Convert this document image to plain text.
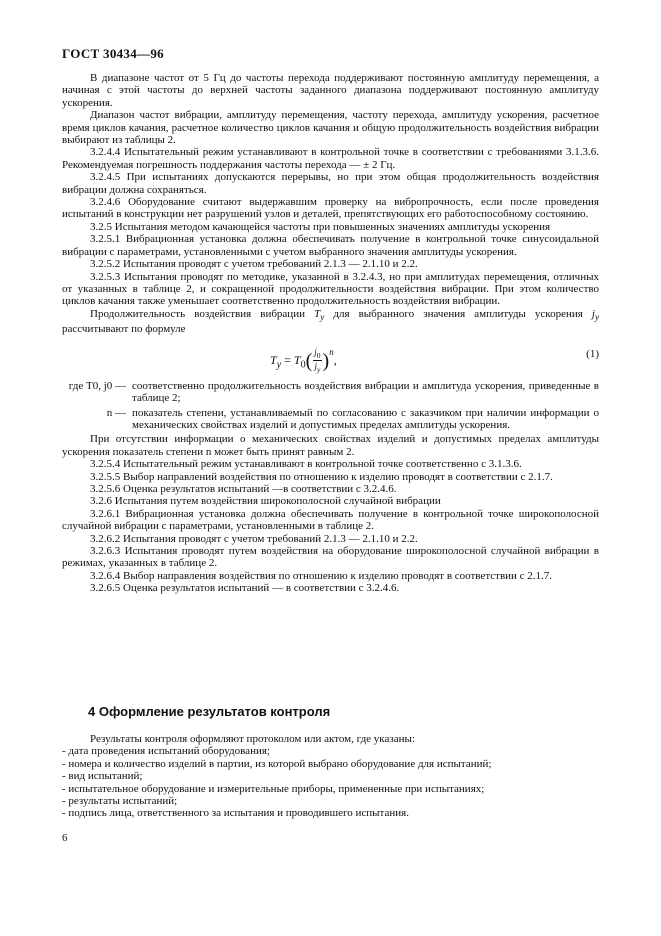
ГОСТ 30434—96

В диапазоне частот от 5 Гц до частоты перехода поддерживают постоянную амплитуду перемещения, а начиная с этой частоты до верхней частоты заданного диапазона поддерживают постоянную амплитуду ускорения.

Диапазон частот вибрации, амплитуду перемещения, частоту перехода, амплитуду ускорения, расчетное время циклов качания, расчетное количество циклов качания и общую продолжительность воздействия вибрации выбирают из таблицы 2.

3.2.4.4 Испытательный режим устанавливают в контрольной точке в соответствии с требованиями 3.1.3.6. Рекомендуемая погрешность поддержания частоты перехода — ± 2 Гц.

3.2.4.5 При испытаниях допускаются перерывы, но при этом общая продолжительность воздействия вибрации должна сохраняться.

3.2.4.6 Оборудование считают выдержавшим проверку на вибропрочность, если после проведения испытаний в конструкции нет разрушений узлов и деталей, препятствующих его работоспособному состоянию.

3.2.5 Испытания методом качающейся частоты при повышенных значениях амплитуды ускорения

3.2.5.1 Вибрационная установка должна обеспечивать получение в контрольной точке синусоидальной вибрации с параметрами, установленными с учетом выбранного значения амплитуды ускорения.

3.2.5.2 Испытания проводят с учетом требований 2.1.3 — 2.1.10 и 2.2.

3.2.5.3 Испытания проводят по методике, указанной в 3.2.4.3, но при амплитудах перемещения, отличных от указанных в таблице 2, и сокращенной продолжительности воздействия вибрации. При этом количество циклов качания также уменьшает соответственно продолжительность воздействия вибрации.

Продолжительность воздействия вибрации $T_y$ для выбранного значения амплитуды ускорения $j_y$ рассчитывают по формуле

$T_y = T_0( \frac{j_0}{j_y} )^n$,	(1)
где T0, j0 — соответственно продолжительность воздействия вибрации и амплитуда ускорения, приведенные в таблице 2;
n — показатель степени, устанавливаемый по согласованию с заказчиком при наличии информации о механических свойствах изделий и допустимых пределах амплитуды ускорения.

При отсутствии информации о механических свойствах изделий и допустимых пределах амплитуды ускорения показатель степени n может быть принят равным 2.

3.2.5.4 Испытательный режим устанавливают в контрольной точке соответственно с 3.1.3.6.

3.2.5.5 Выбор направлений воздействия по отношению к изделию проводят в соответствии с 2.1.7.

3.2.5.6 Оценка результатов испытаний —в соответствии с 3.2.4.6.

3.2.6 Испытания путем воздействия широкополосной случайной вибрации

3.2.6.1 Вибрационная установка должна обеспечивать получение в контрольной точке широкополосной случайной вибрации с параметрами, установленными в таблице 2.

3.2.6.2 Испытания проводят с учетом требований 2.1.3 — 2.1.10 и 2.2.

3.2.6.3 Испытания проводят путем воздействия на оборудование широкополосной случайной вибрации в режимах, указанных в таблице 2.

3.2.6.4 Выбор направления воздействия по отношению к изделию проводят в соответствии с 2.1.7.

3.2.6.5 Оценка результатов испытаний — в соответствии с 3.2.4.6.

4 Оформление результатов контроля

Результаты контроля оформляют протоколом или актом, где указаны:

- дата проведения испытаний оборудования;
- номера и количество изделий в партии, из которой выбрано оборудование для испытаний;
- вид испытаний;
- испытательное оборудование и измерительные приборы, примененные при испытаниях;
- результаты испытаний;
- подпись лица, ответственного за испытания и проводившего испытания.
6
